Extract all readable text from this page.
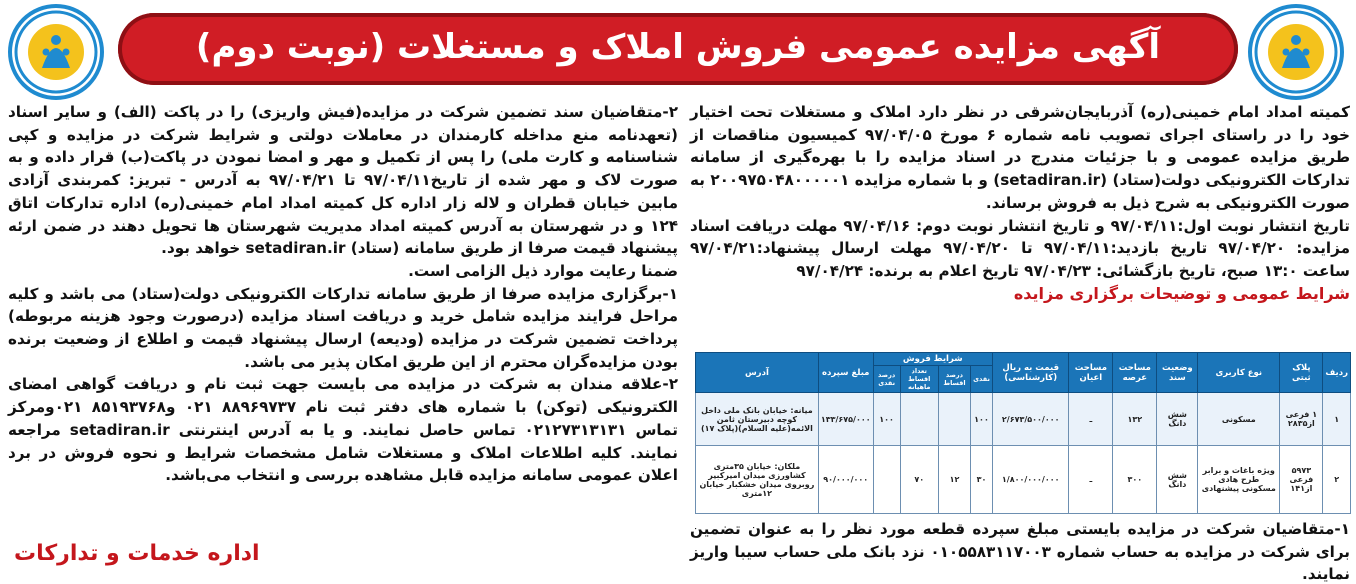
آگهی مزایده عمومی فروش املاک و مستغلات (نوبت دوم)

کمیته امداد امام خمینی(ره) آذربایجان‌شرقی در نظر دارد املاک و مستغلات تحت اختیار خود را در راستای اجرای تصویب نامه شماره ۶ مورخ ۹۷/۰۴/۰۵ کمیسیون مناقصات از طریق مزایده عمومی و با جزئیات مندرج در اسناد مزایده را با بهره‌گیری از سامانه تدارکات الکترونیکی دولت(ستاد) (setadiran.ir) و با شماره مزایده ۲۰۰۹۷۵۰۴۸۰۰۰۰۰۱ به صورت الکترونیکی به شرح ذیل به فروش برساند.

تاریخ انتشار نوبت اول:۹۷/۰۴/۱۱ و تاریخ انتشار نوبت دوم: ۹۷/۰۴/۱۶ مهلت دریافت اسناد مزایده: ۹۷/۰۴/۲۰ تاریخ بازدید:۹۷/۰۴/۱۱ تا ۹۷/۰۴/۲۰ مهلت ارسال پیشنهاد:۹۷/۰۴/۲۱ ساعت ۱۳:۰ صبح، تاریخ بازگشائی: ۹۷/۰۴/۲۳ تاریخ اعلام به برنده: ۹۷/۰۴/۲۴

شرایط عمومی و توضیحات برگزاری مزایده

ردیف	پلاک ثبتی	نوع کاربری	وضعیت سند	مساحت عرصه	مساحت اعیان	قیمت به ریال (کارشناسی)	شرایط فروش				مبلغ سپرده	آدرس
							نقدی	درصد اقساط	تعداد اقساط ماهیانه	درصد نقدی		
۱	۱ فرعی از۲۸۳۵	مسکونی	شش دانگ	۱۳۲	ـ	۲/۶۷۳/۵۰۰/۰۰۰	۱۰۰			۱۰۰	۱۳۳/۶۷۵/۰۰۰	میانه: خیابان بانک ملی داخل کوچه دبیرستان ثامن الائمه(علیه السلام)(پلاک ۱۷)
۲	۵۹۷۳ فرعی از۱۴۱	ویژه باغات و برابر طرح هادی مسکونی پیشنهادی	شش دانگ	۳۰۰	ـ	۱/۸۰۰/۰۰۰/۰۰۰	۳۰	۱۲	۷۰		۹۰/۰۰۰/۰۰۰	ملکان: خیابان ۳۵متری کشاورزی میدان امیرکبیر روبروی میدان خشکبار خیابان ۱۲متری

۱-متقاضیان شرکت در مزایده بایستی مبلغ سپرده قطعه مورد نظر را به عنوان تضمین برای شرکت در مزایده به حساب شماره ۰۱۰۵۵۸۳۱۱۷۰۰۳ نزد بانک ملی حساب سیبا واریز نمایند.

۲-متقاضیان سند تضمین شرکت در مزایده(فیش واریزی) را در پاکت (الف) و سایر اسناد (تعهدنامه منع مداخله کارمندان در معاملات دولتی و شرایط شرکت در مزایده و کپی شناسنامه و کارت ملی) را پس از تکمیل و مهر و امضا نمودن در پاکت(ب) قرار داده و به صورت لاک و مهر شده از تاریخ۹۷/۰۴/۱۱ تا ۹۷/۰۴/۲۱ به آدرس - تبریز: کمربندی آزادی مابین خیابان قطران و لاله زار اداره کل کمیته امداد امام خمینی(ره) اداره تدارکات اتاق ۱۲۴ و در شهرستان به آدرس کمیته امداد مدیریت شهرستان ها تحویل دهند در ضمن ارئه پیشنهاد قیمت صرفا از طریق سامانه (ستاد) setadiran.ir خواهد بود.

ضمنا رعایت موارد ذیل الزامی است.

۱-برگزاری مزایده صرفا از طریق سامانه تدارکات الکترونیکی دولت(ستاد) می باشد و کلیه مراحل فرایند مزایده شامل خرید و دریافت اسناد مزایده (درصورت وجود هزینه مربوطه) پرداخت تضمین شرکت در مزایده (ودیعه) ارسال پیشنهاد قیمت و اطلاع از وضعیت برنده بودن مزایده‌گران محترم از این طریق امکان پذیر می باشد.

۲-علاقه مندان به شرکت در مزایده می بایست جهت ثبت نام و دریافت گواهی امضای الکترونیکی (توکن) با شماره های دفتر ثبت نام ۸۸۹۶۹۷۳۷ ۰۲۱ و۸۵۱۹۳۷۶۸ ۰۲۱ومرکز تماس ۰۲۱۲۷۳۱۳۱۳۱ تماس حاصل نمایند. و یا به آدرس اینترنتی setadiran.ir مراجعه نمایند. کلیه اطلاعات املاک و مستغلات شامل مشخصات شرایط و نحوه فروش در برد اعلان عمومی سامانه مزایده قابل مشاهده بررسی و انتخاب می‌باشد.

اداره خدمات و تدارکات
